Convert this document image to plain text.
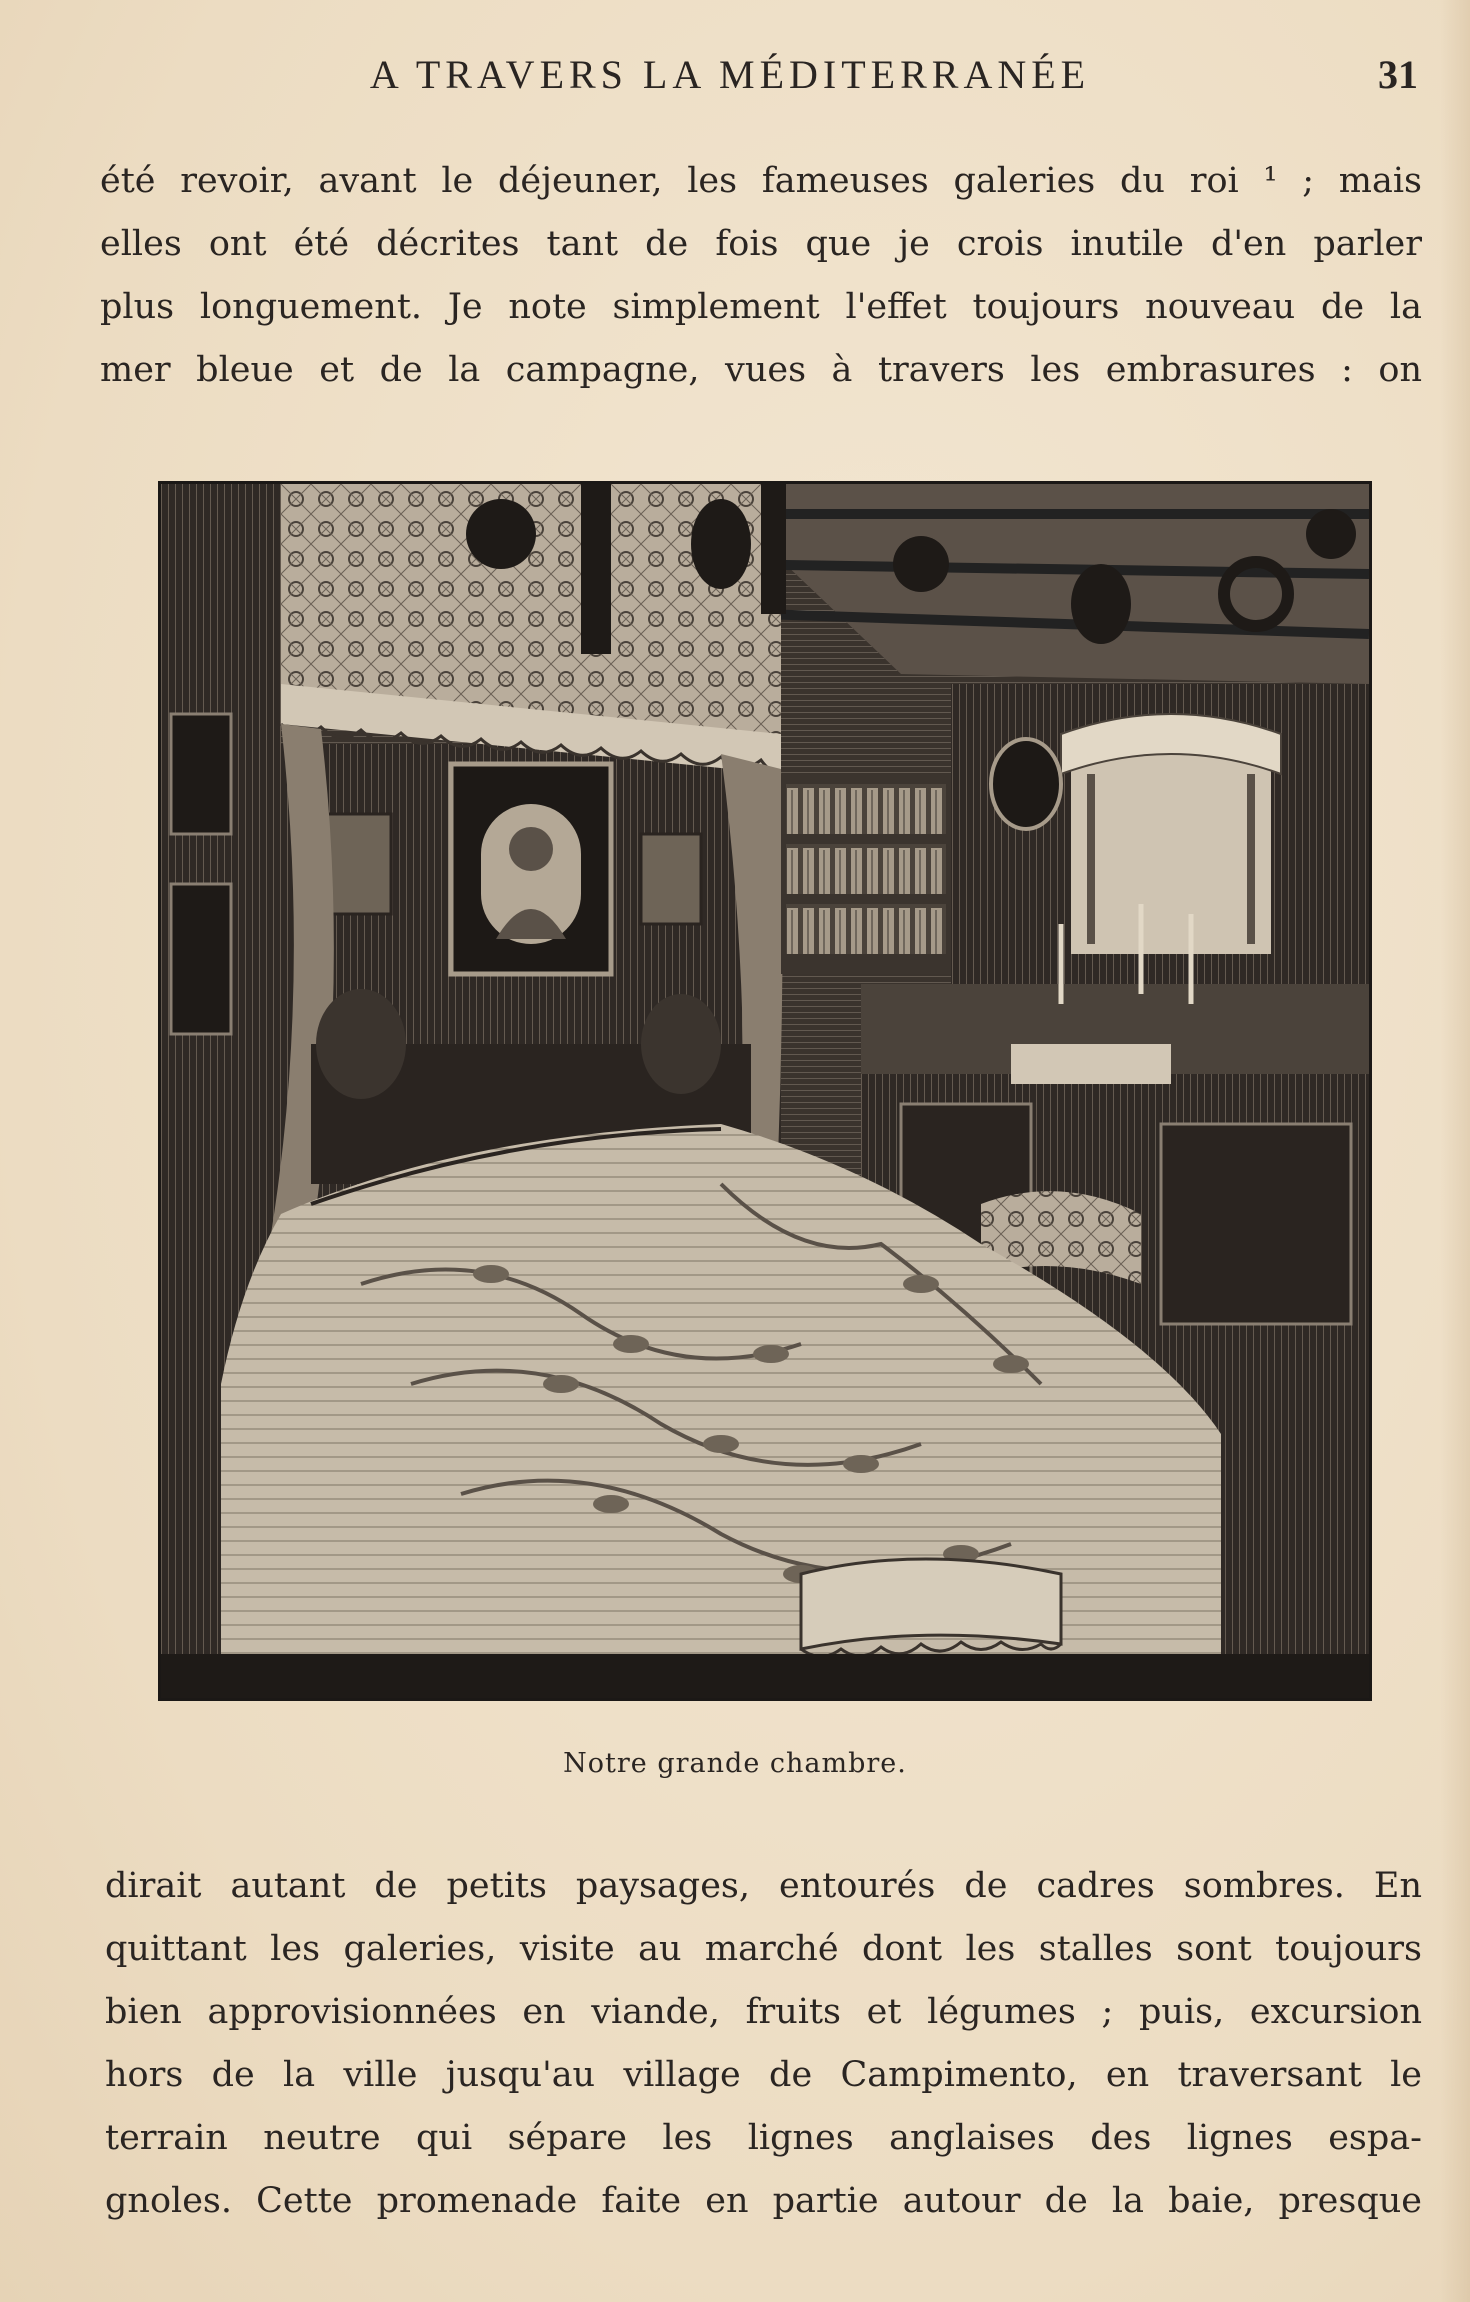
A TRAVERS LA MÉDITERRANÉE	31
été revoir, avant le déjeuner, les fameuses galeries du roi ¹ ; mais
elles ont été décrites tant de fois que je crois inutile d'en parler
plus longuement. Je note simplement l'effet toujours nouveau de la
mer bleue et de la campagne, vues à travers les embrasures : on
Notre grande chambre.
dirait autant de petits paysages, entourés de cadres sombres. En
quittant les galeries, visite au marché dont les stalles sont toujours
bien approvisionnées en viande, fruits et légumes ; puis, excursion
hors de la ville jusqu'au village de Campimento, en traversant le
terrain neutre qui sépare les lignes anglaises des lignes espa-
gnoles. Cette promenade faite en partie autour de la baie, presque
